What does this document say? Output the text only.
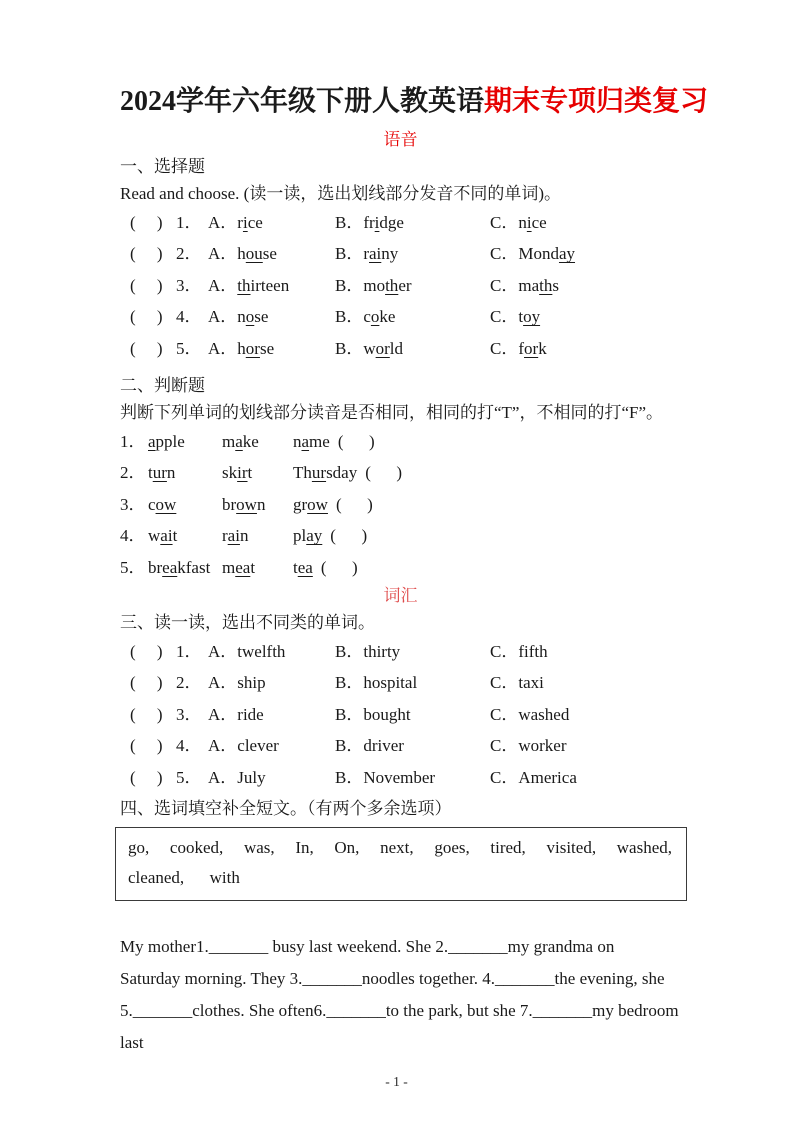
2024学年六年级下册人教英语期末专项归类复习
语音
一、选择题
Read and choose. (读一读，选出划线部分发音不同的单词)。
(     ) 1． A．rice	B．fridge	C．nice
(     ) 2． A．house	B．rainy	C．Monday
(     ) 3． A．thirteen	B．mother	C．maths
(     ) 4． A．nose	B．coke	C．toy
(     ) 5． A．horse	B．world	C．fork
二、判断题
判断下列单词的划线部分读音是否相同，相同的打“T”，不相同的打“F”。
1． apple	make	name (      )
2． turn	skirt	Thursday (      )
3． cow	brown	grow (      )
4． wait	rain	play (      )
5． breakfast meat	tea (      )
词汇
三、读一读，选出不同类的单词。
(     ) 1． A．twelfth	B．thirty	C．fifth
(     ) 2． A．ship	B．hospital	C．taxi
(     ) 3． A．ride	B．bought	C．washed
(     ) 4． A．clever	B．driver	C．worker
(     ) 5． A．July	B．November	C．America
四、选词填空补全短文。（有两个多余选项）
go, cooked, was, In, On, next, goes, tired, visited, washed,
cleaned,      with
My mother1._______ busy last weekend. She 2._______my grandma on
Saturday morning. They 3._______noodles together. 4._______the evening, she
5._______clothes. She often6._______to the park, but she 7._______my bedroom last
- 1 -
